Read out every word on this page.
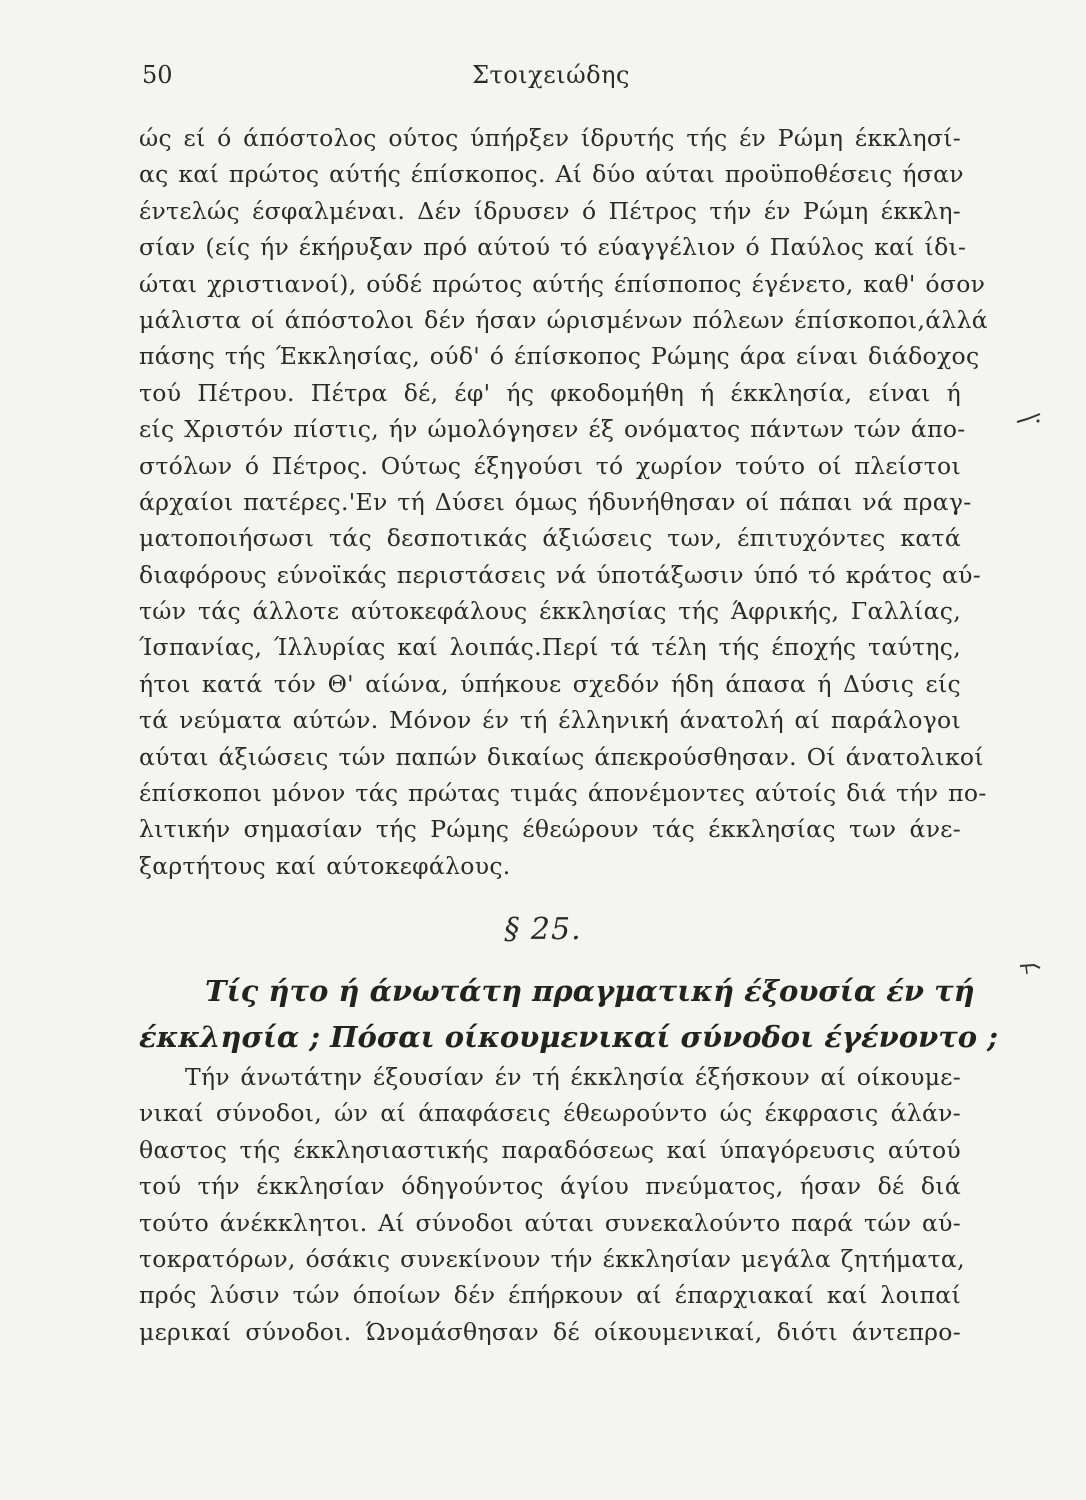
50	Στοιχειώδης
ώς εί ό άπόστολος ούτος ύπήρξεν ίδρυτής τής έν Ρώμη έκκλησί-
ας καί πρώτος αύτής έπίσκοπος. Αί δύο αύται προϋποθέσεις ήσαν
έντελώς έσφαλμέναι. Δέν ίδρυσεν ό Πέτρος τήν έν Ρώμη έκκλη-
σίαν (είς ήν έκήρυξαν πρό αύτού τό εύαγγέλιον ό Παύλος καί ίδι-
ώται χριστιανοί), ούδέ πρώτος αύτής έπίσποπος έγένετο, καθ' όσον
μάλιστα οί άπόστολοι δέν ήσαν ώρισμένων πόλεων έπίσκοποι,άλλά
πάσης τής Έκκλησίας, ούδ' ό έπίσκοπος Ρώμης άρα είναι διάδοχος
τού Πέτρου. Πέτρα δέ, έφ' ής φκοδομήθη ή έκκλησία, είναι ή
είς Χριστόν πίστις, ήν ώμολόγησεν έξ ονόματος πάντων τών άπο-
στόλων ό Πέτρος. Ούτως έξηγούσι τό χωρίον τούτο οί πλείστοι
άρχαίοι πατέρες.'Εν τή Δύσει όμως ήδυνήθησαν οί πάπαι νά πραγ-
ματοποιήσωσι τάς δεσποτικάς άξιώσεις των, έπιτυχόντες κατά
διαφόρους εύνοϊκάς περιστάσεις νά ύποτάξωσιν ύπό τό κράτος αύ-
τών τάς άλλοτε αύτοκεφάλους έκκλησίας τής Άφρικής, Γαλλίας,
Ίσπανίας, Ίλλυρίας καί λοιπάς.Περί τά τέλη τής έποχής ταύτης,
ήτοι κατά τόν Θ' αίώνα, ύπήκουε σχεδόν ήδη άπασα ή Δύσις είς
τά νεύματα αύτών. Μόνον έν τή έλληνική άνατολή αί παράλογοι
αύται άξιώσεις τών παπών δικαίως άπεκρούσθησαν. Οί άνατολικοί
έπίσκοποι μόνον τάς πρώτας τιμάς άπονέμοντες αύτοίς διά τήν πο-
λιτικήν σημασίαν τής Ρώμης έθεώρουν τάς έκκλησίας των άνε-
ξαρτήτους καί αύτοκεφάλους.
§ 25.
Τίς ήτο ή άνωτάτη πραγματική έξουσία έν τή
έκκλησία ; Πόσαι οίκουμενικαί σύνοδοι έγένοντο ;
Τήν άνωτάτην έξουσίαν έν τή έκκλησία έξήσκουν αί οίκουμε-
νικαί σύνοδοι, ών αί άπαφάσεις έθεωρούντο ώς έκφρασις άλάν-
θαστος τής έκκλησιαστικής παραδόσεως καί ύπαγόρευσις αύτού
τού τήν έκκλησίαν όδηγούντος άγίου πνεύματος, ήσαν δέ διά
τούτο άνέκκλητοι. Αί σύνοδοι αύται συνεκαλούντο παρά τών αύ-
τοκρατόρων, όσάκις συνεκίνουν τήν έκκλησίαν μεγάλα ζητήματα,
πρός λύσιν τών όποίων δέν έπήρκουν αί έπαρχιακαί καί λοιπαί
μερικαί σύνοδοι. Ώνομάσθησαν δέ οίκουμενικαί, διότι άντεπρο-
